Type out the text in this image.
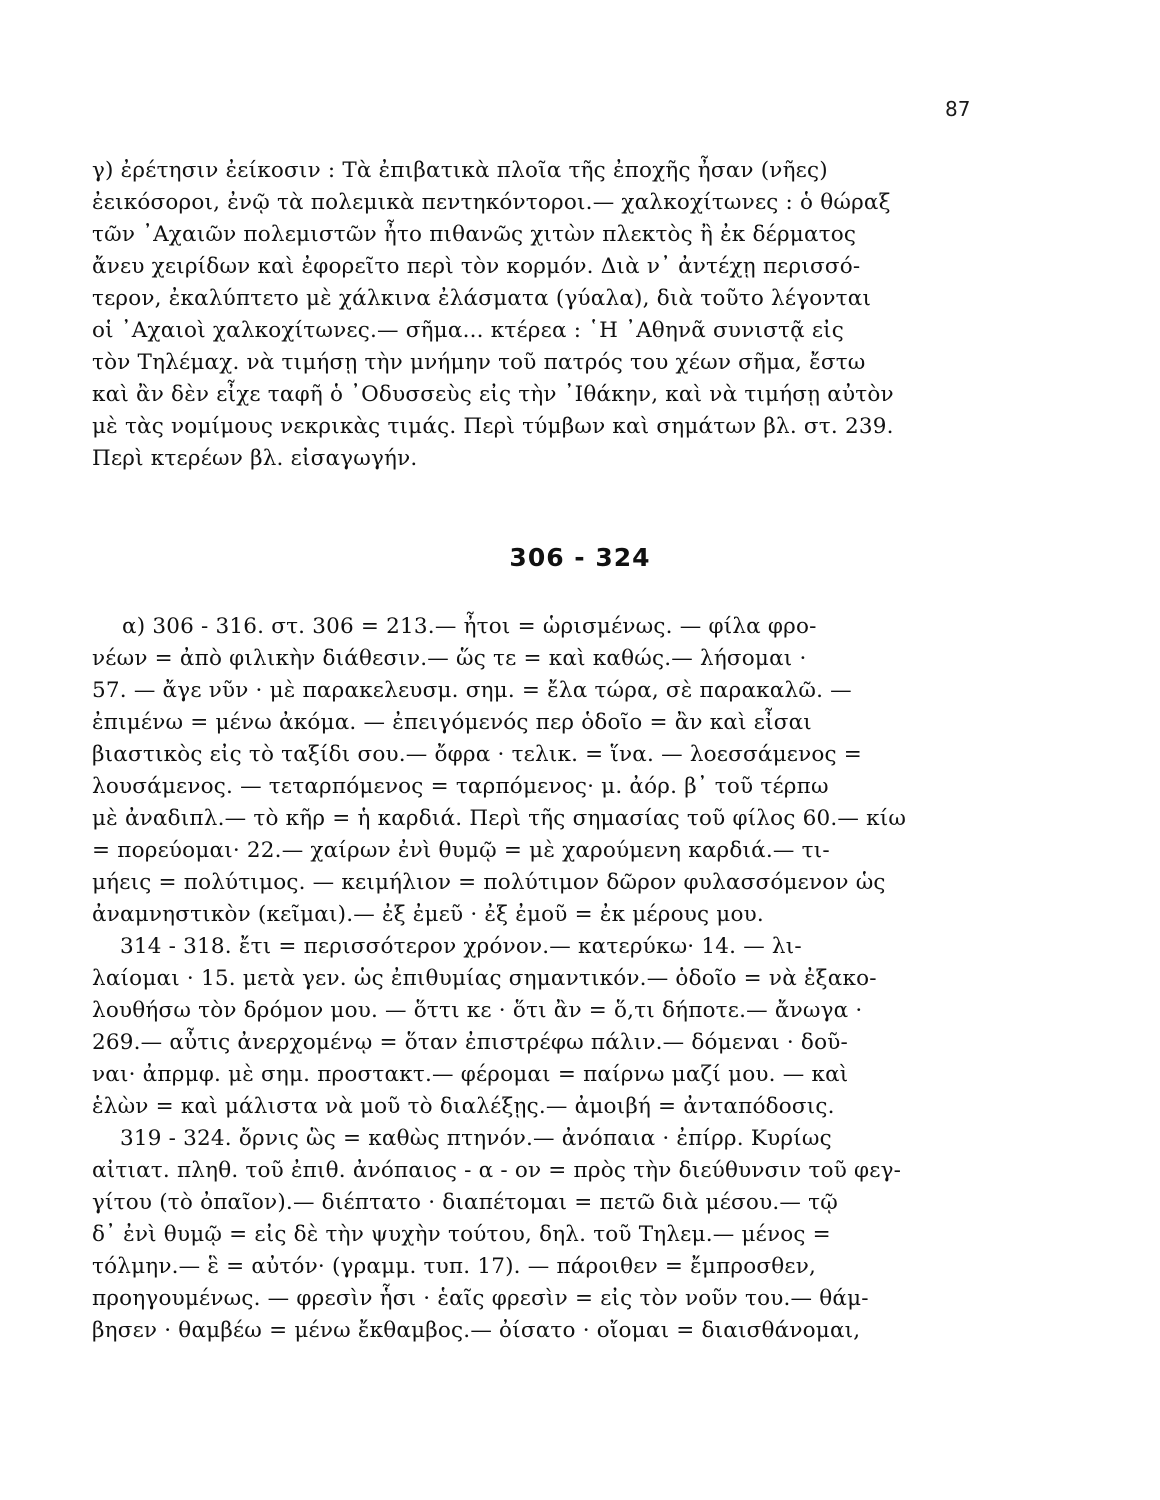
87
γ) ἐρέτησιν ἐείκοσιν : Τὰ ἐπιβατικὰ πλοῖα τῆς ἐποχῆς ἦσαν (νῆες)
ἐεικόσοροι, ἐνῷ τὰ πολεμικὰ πεντηκόντοροι.— χαλκοχίτωνες : ὁ θώραξ
τῶν ᾽Αχαιῶν πολεμιστῶν ἦτο πιθανῶς χιτὼν πλεκτὸς ἢ ἐκ δέρματος
ἄνευ χειρίδων καὶ ἐφορεῖτο περὶ τὸν κορμόν. Διὰ ν᾽ ἀντέχῃ περισσό-
τερον, ἐκαλύπτετο μὲ χάλκινα ἐλάσματα (γύαλα), διὰ τοῦτο λέγονται
οἱ ᾽Αχαιοὶ χαλκοχίτωνες.— σῆμα... κτέρεα : ῾Η ᾽Αθηνᾶ συνιστᾷ εἰς
τὸν Τηλέμαχ. νὰ τιμήσῃ τὴν μνήμην τοῦ πατρός του χέων σῆμα, ἔστω
καὶ ἂν δὲν εἶχε ταφῆ ὁ ᾽Οδυσσεὺς εἰς τὴν ᾽Ιθάκην, καὶ νὰ τιμήσῃ αὐτὸν
μὲ τὰς νομίμους νεκρικὰς τιμάς. Περὶ τύμβων καὶ σημάτων βλ. στ. 239.
Περὶ κτερέων βλ. εἰσαγωγήν.
306 - 324
α) 306 - 316. στ. 306 = 213.— ἦτοι = ὡρισμένως. — φίλα φρο-
νέων = ἀπὸ φιλικὴν διάθεσιν.— ὥς τε = καὶ καθώς.— λήσομαι ·
57. — ἄγε νῦν · μὲ παρακελευσμ. σημ. = ἔλα τώρα, σὲ παρακαλῶ. —
ἐπιμένω = μένω ἀκόμα. — ἐπειγόμενός περ ὁδοῖο = ἂν καὶ εἶσαι
βιαστικὸς εἰς τὸ ταξίδι σου.— ὄφρα · τελικ. = ἵνα. — λοεσσάμενος =
λουσάμενος. — τεταρπόμενος = ταρπόμενος· μ. ἀόρ. β᾽ τοῦ τέρπω
μὲ ἀναδιπλ.— τὸ κῆρ = ἡ καρδιά. Περὶ τῆς σημασίας τοῦ φίλος 60.— κίω
= πορεύομαι· 22.— χαίρων ἐνὶ θυμῷ = μὲ χαρούμενη καρδιά.— τι-
μήεις = πολύτιμος. — κειμήλιον = πολύτιμον δῶρον φυλασσόμενον ὡς
ἀναμνηστικὸν (κεῖμαι).— ἐξ ἐμεῦ · ἐξ ἐμοῦ = ἐκ μέρους μου.
314 - 318. ἔτι = περισσότερον χρόνον.— κατερύκω· 14. — λι-
λαίομαι · 15. μετὰ γεν. ὡς ἐπιθυμίας σημαντικόν.— ὁδοῖο = νὰ ἐξακο-
λουθήσω τὸν δρόμον μου. — ὅττι κε · ὅτι ἂν = ὅ,τι δήποτε.— ἄνωγα ·
269.— αὖτις ἀνερχομένῳ = ὅταν ἐπιστρέφω πάλιν.— δόμεναι · δοῦ-
ναι· ἀπρμφ. μὲ σημ. προστακτ.— φέρομαι = παίρνω μαζί μου. — καὶ
ἑλὼν = καὶ μάλιστα νὰ μοῦ τὸ διαλέξῃς.— ἀμοιβή = ἀνταπόδοσις.
319 - 324. ὄρνις ὣς = καθὼς πτηνόν.— ἀνόπαια · ἐπίρρ. Κυρίως
αἰτιατ. πληθ. τοῦ ἐπιθ. ἀνόπαιος - α - ον = πρὸς τὴν διεύθυνσιν τοῦ φεγ-
γίτου (τὸ ὀπαῖον).— διέπτατο · διαπέτομαι = πετῶ διὰ μέσου.— τῷ
δ᾽ ἐνὶ θυμῷ = εἰς δὲ τὴν ψυχὴν τούτου, δηλ. τοῦ Τηλεμ.— μένος =
τόλμην.— ἓ = αὐτόν· (γραμμ. τυπ. 17). — πάροιθεν = ἔμπροσθεν,
προηγουμένως. — φρεσὶν ἧσι · ἑαῖς φρεσὶν = εἰς τὸν νοῦν του.— θάμ-
βησεν · θαμβέω = μένω ἔκθαμβος.— ὀίσατο · οἴομαι = διαισθάνομαι,
